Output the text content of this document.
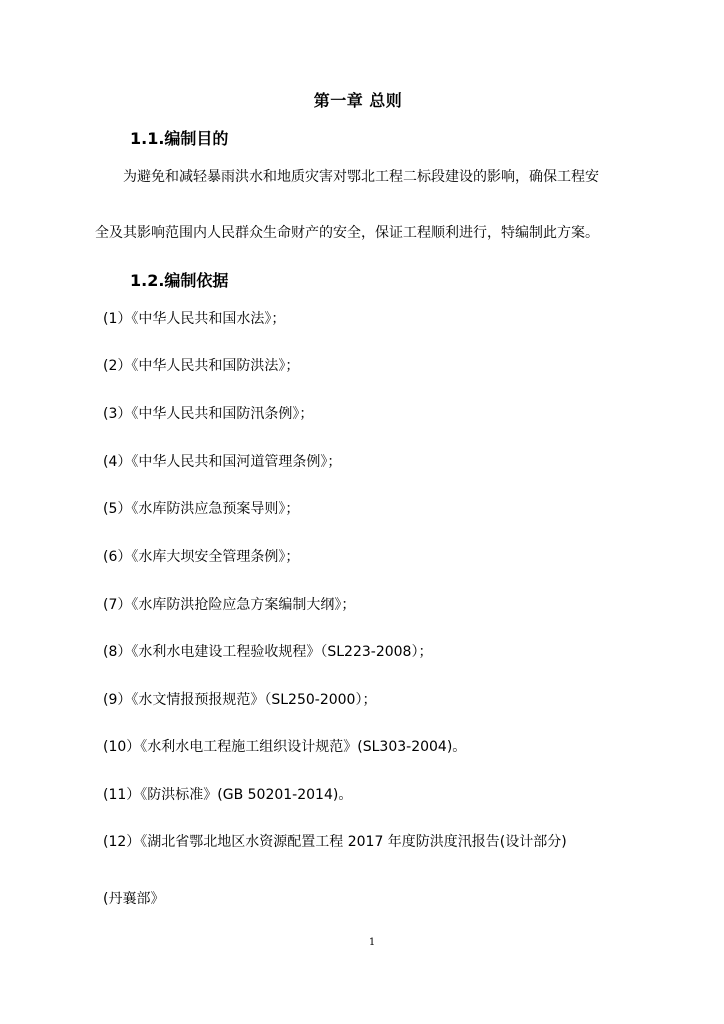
第一章 总则
1.1.编制目的
为避免和减轻暴雨洪水和地质灾害对鄂北工程二标段建设的影响，确保工程安
全及其影响范围内人民群众生命财产的安全，保证工程顺利进行，特编制此方案。
1.2.编制依据
(1）《中华人民共和国水法》；
(2）《中华人民共和国防洪法》；
(3）《中华人民共和国防汛条例》；
(4）《中华人民共和国河道管理条例》；
(5）《水库防洪应急预案导则》；
(6）《水库大坝安全管理条例》；
(7）《水库防洪抢险应急方案编制大纲》；
(8）《水利水电建设工程验收规程》（SL223-2008）；
(9）《水文情报预报规范》（SL250-2000）；
(10）《水利水电工程施工组织设计规范》(SL303-2004)。
(11）《防洪标准》(GB 50201-2014)。
(12）《湖北省鄂北地区水资源配置工程 2017 年度防洪度汛报告(设计部分)
(丹襄部》
1
